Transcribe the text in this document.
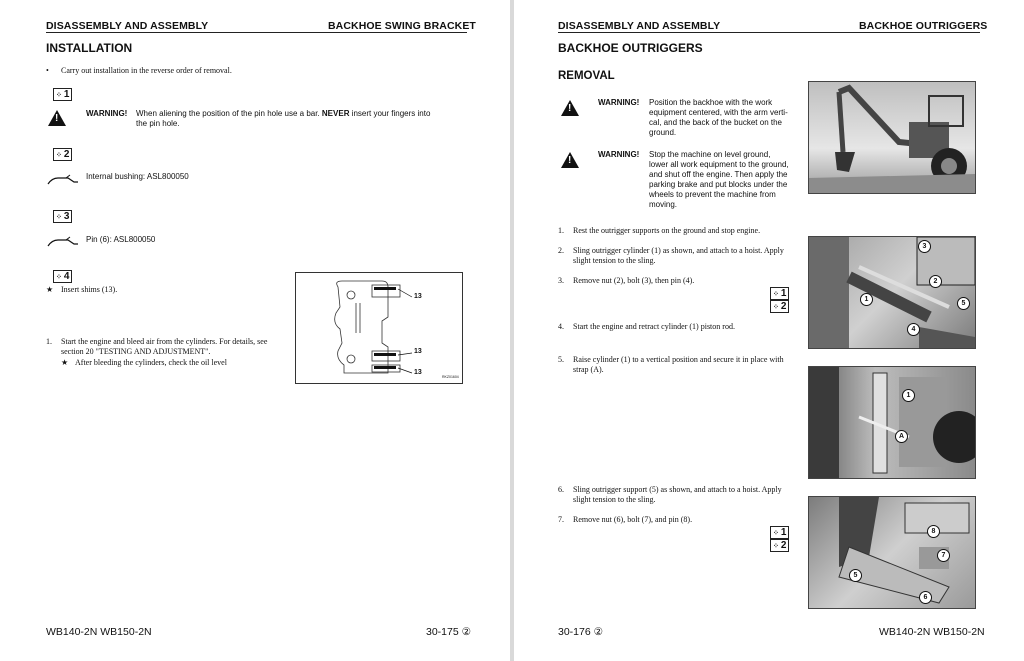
DISASSEMBLY AND ASSEMBLY	BACKHOE SWING BRACKET
INSTALLATION
• Carry out installation in the reverse order of removal.
⁘ 1
!
WARNING! When aliening the position of the pin hole use a bar. NEVER insert your fingers into
the pin hole.
⁘ 2
Internal bushing: ASL800050
⁘ 3
Pin (6): ASL800050
⁘ 4
★ Insert shims (13).
13
13
13
RKZ01604
1. Start the engine and bleed air from the cylinders. For details, see
section 20 "TESTING AND ADJUSTMENT".
★ After bleeding the cylinders, check the oil level
WB140-2N WB150-2N	30-175 ②
DISASSEMBLY AND ASSEMBLY	BACKHOE OUTRIGGERS
BACKHOE OUTRIGGERS
REMOVAL
!
WARNING! Position the backhoe with the work
equipment centered, with the arm verti-
cal, and the back of the bucket on the
ground.
!
WARNING! Stop the machine on level ground,
lower all work equipment to the ground,
and shut off the engine. Then apply the
parking brake and put blocks under the
wheels to prevent the machine from
moving.
1. Rest the outrigger supports on the ground and stop engine.
2. Sling outrigger cylinder (1) as shown, and attach to a hoist. Apply
slight tension to the sling.
3. Remove nut (2), bolt (3), then pin (4).
⁘ 1
⁘ 2
4. Start the engine and retract cylinder (1) piston rod.
3
2
1
5
4
5. Raise cylinder (1) to a vertical position and secure it in place with
strap (A).
1
A
6. Sling outrigger support (5) as shown, and attach to a hoist. Apply
slight tension to the sling.
7. Remove nut (6), bolt (7), and pin (8).
⁘ 1
⁘ 2
8
7
5
6
30-176 ②	WB140-2N WB150-2N
